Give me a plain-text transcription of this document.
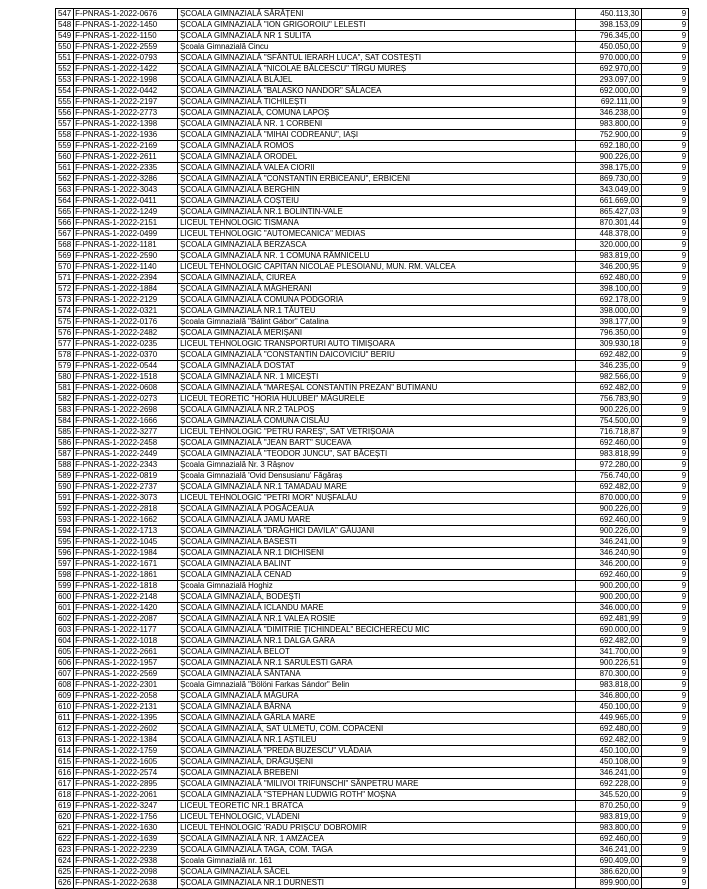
547	F-PNRAS-1-2022-0676	ȘCOALA GIMNAZIALĂ SĂRĂȚENI	450.113,30	9
548	F-PNRAS-1-2022-1450	ȘCOALA GIMNAZIALĂ "ION GRIGOROIU" LELESTI	398.153,09	9
549	F-PNRAS-1-2022-1150	ȘCOALA GIMNAZIALĂ NR 1 SULITA	796.345,00	9
550	F-PNRAS-1-2022-2559	Școala Gimnazială Cincu	450.050,00	9
551	F-PNRAS-1-2022-0793	ȘCOALA GIMNAZIALĂ "SFÂNTUL IERARH LUCA", SAT COSTEȘTI	970.000,00	9
552	F-PNRAS-1-2022-1422	ȘCOALA GIMNAZIALĂ "NICOLAE BĂLCESCU" TÎRGU MUREȘ	692.970,00	9
553	F-PNRAS-1-2022-1998	ȘCOALA GIMNAZIALĂ BLĂJEL	293.097,00	9
554	F-PNRAS-1-2022-0442	ȘCOALA GIMNAZIALĂ "BALASKO NANDOR" SĂLACEA	692.000,00	9
555	F-PNRAS-1-2022-2197	ȘCOALA GIMNAZIALĂ TICHILEȘTI	692.111,00	9
556	F-PNRAS-1-2022-2773	ȘCOALA GIMNAZIALĂ, COMUNA LAPOȘ	346.238,00	9
557	F-PNRAS-1-2022-1398	ȘCOALA GIMNAZIALĂ NR. 1 CORBENI	983.800,00	9
558	F-PNRAS-1-2022-1936	ȘCOALA GIMNAZIALĂ "MIHAI CODREANU", IAȘI	752.900,00	9
559	F-PNRAS-1-2022-2169	ȘCOALA GIMNAZIALĂ ROMOS	692.180,00	9
560	F-PNRAS-1-2022-2611	ȘCOALA GIMNAZIALĂ ORODEL	900.226,00	9
561	F-PNRAS-1-2022-2335	ȘCOALA GIMNAZIALĂ VALEA CIORII	398.175,00	9
562	F-PNRAS-1-2022-3286	ȘCOALA GIMNAZIALĂ "CONSTANTIN ERBICEANU", ERBICENI	869.730,00	9
563	F-PNRAS-1-2022-3043	ȘCOALA GIMNAZIALĂ BERGHIN	343.049,00	9
564	F-PNRAS-1-2022-0411	ȘCOALA GIMNAZIALĂ COȘTEIU	661.669,00	9
565	F-PNRAS-1-2022-1249	ȘCOALA GIMNAZIALĂ NR.1 BOLINTIN-VALE	865.427,03	9
566	F-PNRAS-1-2022-2151	LICEUL TEHNOLOGIC TISMANA	870.301,44	9
567	F-PNRAS-1-2022-0499	LICEUL TEHNOLOGIC "AUTOMECANICA" MEDIAS	448.378,00	9
568	F-PNRAS-1-2022-1181	ȘCOALA GIMNAZIALĂ BERZASCA	320.000,00	9
569	F-PNRAS-1-2022-2590	ȘCOALA GIMNAZIALĂ NR. 1 COMUNA RÂMNICELU	983.819,00	9
570	F-PNRAS-1-2022-1140	LICEUL TEHNOLOGIC CAPITAN NICOLAE PLESOIANU, MUN. RM. VALCEA	346.200,95	9
571	F-PNRAS-1-2022-2394	ȘCOALA GIMNAZIALĂ, CIUREA	692.480,00	9
572	F-PNRAS-1-2022-1884	ȘCOALA GIMNAZIALĂ MĂGHERANI	398.100,00	9
573	F-PNRAS-1-2022-2129	ȘCOALA GIMNAZIALĂ COMUNA PODGORIA	692.178,00	9
574	F-PNRAS-1-2022-0321	ȘCOALA GIMNAZIALĂ NR.1 TĂUTEU	398.000,00	9
575	F-PNRAS-1-2022-0176	Școala Gimnazială "Bálint Gábor" Catalina	398.177,00	9
576	F-PNRAS-1-2022-2482	ȘCOALA GIMNAZIALĂ MERIȘANI	796.350,00	9
577	F-PNRAS-1-2022-0235	LICEUL TEHNOLOGIC TRANSPORTURI AUTO TIMIȘOARA	309.930,18	9
578	F-PNRAS-1-2022-0370	ȘCOALA GIMNAZIALĂ "CONSTANTIN DAICOVICIU" BERIU	692.482,00	9
579	F-PNRAS-1-2022-0544	ȘCOALA GIMNAZIALĂ DOSTAT	346.235,00	9
580	F-PNRAS-1-2022-1518	ȘCOALA GIMNAZIALĂ NR. 1 MICEȘTI	982.566,00	9
581	F-PNRAS-1-2022-0608	ȘCOALA GIMNAZIALĂ "MAREȘAL CONSTANTIN PREZAN" BUTIMANU	692.482,00	9
582	F-PNRAS-1-2022-0273	LICEUL TEORETIC "HORIA HULUBEI" MĂGURELE	756.783,90	9
583	F-PNRAS-1-2022-2698	ȘCOALA GIMNAZIALĂ NR.2 TALPOȘ	900.226,00	9
584	F-PNRAS-1-2022-1666	ȘCOALA GIMNAZIALĂ COMUNA CISLĂU	754.500,00	9
585	F-PNRAS-1-2022-3277	LICEUL TEHNOLOGIC "PETRU RAREȘ", SAT VETRIȘOAIA	716.718,87	9
586	F-PNRAS-1-2022-2458	ȘCOALA GIMNAZIALĂ "JEAN BART" SUCEAVA	692.460,00	9
587	F-PNRAS-1-2022-2449	ȘCOALA GIMNAZIALĂ "TEODOR JUNCU", SAT BĂCEȘTI	983.818,99	9
588	F-PNRAS-1-2022-2343	Școala Gimnazială Nr. 3 Râșnov	972.280,00	9
589	F-PNRAS-1-2022-0819	Școala Gimnazială 'Ovid Densusianu' Făgăraș	756.740,00	9
590	F-PNRAS-1-2022-2737	ȘCOALA GIMNAZIALĂ NR.1 TAMADAU MARE	692.482,00	9
591	F-PNRAS-1-2022-3073	LICEUL TEHNOLOGIC "PETRI MOR" NUȘFALĂU	870.000,00	9
592	F-PNRAS-1-2022-2818	ȘCOALA GIMNAZIALĂ POGĂCEAUA	900.226,00	9
593	F-PNRAS-1-2022-1662	ȘCOALA GIMNAZIALĂ JAMU MARE	692.460,00	9
594	F-PNRAS-1-2022-1713	ȘCOALA GIMNAZIALĂ "DRĂGHICI DAVILA" GĂUJANI	900.226,00	9
595	F-PNRAS-1-2022-1045	ȘCOALA GIMNAZIALA BASESTI	346.241,00	9
596	F-PNRAS-1-2022-1984	ȘCOALA GIMNAZIALĂ NR.1 DICHISENI	346.240,90	9
597	F-PNRAS-1-2022-1671	ȘCOALA GIMNAZIALA BALINT	346.200,00	9
598	F-PNRAS-1-2022-1861	ȘCOALA GIMNAZIALĂ CENAD	692.460,00	9
599	F-PNRAS-1-2022-1818	Școala Gimnazială Hoghiz	900.200,00	9
600	F-PNRAS-1-2022-2148	ȘCOALA GIMNAZIALĂ, BODEȘTI	900.200,00	9
601	F-PNRAS-1-2022-1420	ȘCOALA GIMNAZIALĂ ICLANDU MARE	346.000,00	9
602	F-PNRAS-1-2022-2087	ȘCOALA GIMNAZIALĂ NR.1 VALEA ROSIE	692.481,99	9
603	F-PNRAS-1-2022-1177	ȘCOALA GIMNAZIALĂ "DIMITRIE ȚICHINDEAL" BECICHERECU MIC	690.000,00	9
604	F-PNRAS-1-2022-1018	ȘCOALA GIMNAZIALĂ NR.1 DALGA GARA	692.482,00	9
605	F-PNRAS-1-2022-2661	ȘCOALA GIMNAZIALĂ BELOT	341.700,00	9
606	F-PNRAS-1-2022-1957	ȘCOALA GIMNAZIALĂ NR.1 SARULESTI GARA	900.226,51	9
607	F-PNRAS-1-2022-2569	ȘCOALA GIMNAZIALĂ SÂNTANA	870.300,00	9
608	F-PNRAS-1-2022-2301	Școala Gimnazială "Bölöni Farkas Sándor" Belin	983.818,00	9
609	F-PNRAS-1-2022-2058	ȘCOALA GIMNAZIALĂ MĂGURA	346.800,00	9
610	F-PNRAS-1-2022-2131	ȘCOALA GIMNAZIALĂ BÂRNA	450.100,00	9
611	F-PNRAS-1-2022-1395	ȘCOALA GIMNAZIALĂ GÂRLA MARE	449.965,00	9
612	F-PNRAS-1-2022-2602	ȘCOALA GIMNAZIALĂ, SAT ULMETU, COM. COPACENI	692.480,00	9
613	F-PNRAS-1-2022-1384	ȘCOALA GIMNAZIALĂ NR.1 AȘTILEU	692.482,00	9
614	F-PNRAS-1-2022-1759	ȘCOALA GIMNAZIALĂ "PREDA BUZESCU" VLĂDAIA	450.100,00	9
615	F-PNRAS-1-2022-1605	ȘCOALA GIMNAZIALĂ, DRĂGUȘENI	450.108,00	9
616	F-PNRAS-1-2022-2574	ȘCOALA GIMNAZIALĂ BREBENI	346.241,00	9
617	F-PNRAS-1-2022-2895	ȘCOALA GIMNAZIALĂ "MILIVOI TRIFUNSCHI" SÂNPETRU MARE	692.228,00	9
618	F-PNRAS-1-2022-2061	ȘCOALA GIMNAZIALĂ "STEPHAN LUDWIG ROTH" MOȘNA	345.520,00	9
619	F-PNRAS-1-2022-3247	LICEUL TEORETIC NR.1 BRATCA	870.250,00	9
620	F-PNRAS-1-2022-1756	LICEUL TEHNOLOGIC, VLĂDENI	983.819,00	9
621	F-PNRAS-1-2022-1630	LICEUL TEHNOLOGIC 'RADU PRIȘCU' DOBROMIR	983.800,00	9
622	F-PNRAS-1-2022-1639	ȘCOALA GIMNAZIALĂ NR. 1 AMZACEA	692.460,00	9
623	F-PNRAS-1-2022-2239	ȘCOALA GIMNAZIALĂ TAGA, COM. TAGA	346.241,00	9
624	F-PNRAS-1-2022-2938	Școala Gimnazială nr. 161	690.409,00	9
625	F-PNRAS-1-2022-2098	ȘCOALA GIMNAZIALĂ SĂCEL	386.620,00	9
626	F-PNRAS-1-2022-2638	ȘCOALA GIMNAZIALA NR.1 DURNESTI	899.900,00	9
